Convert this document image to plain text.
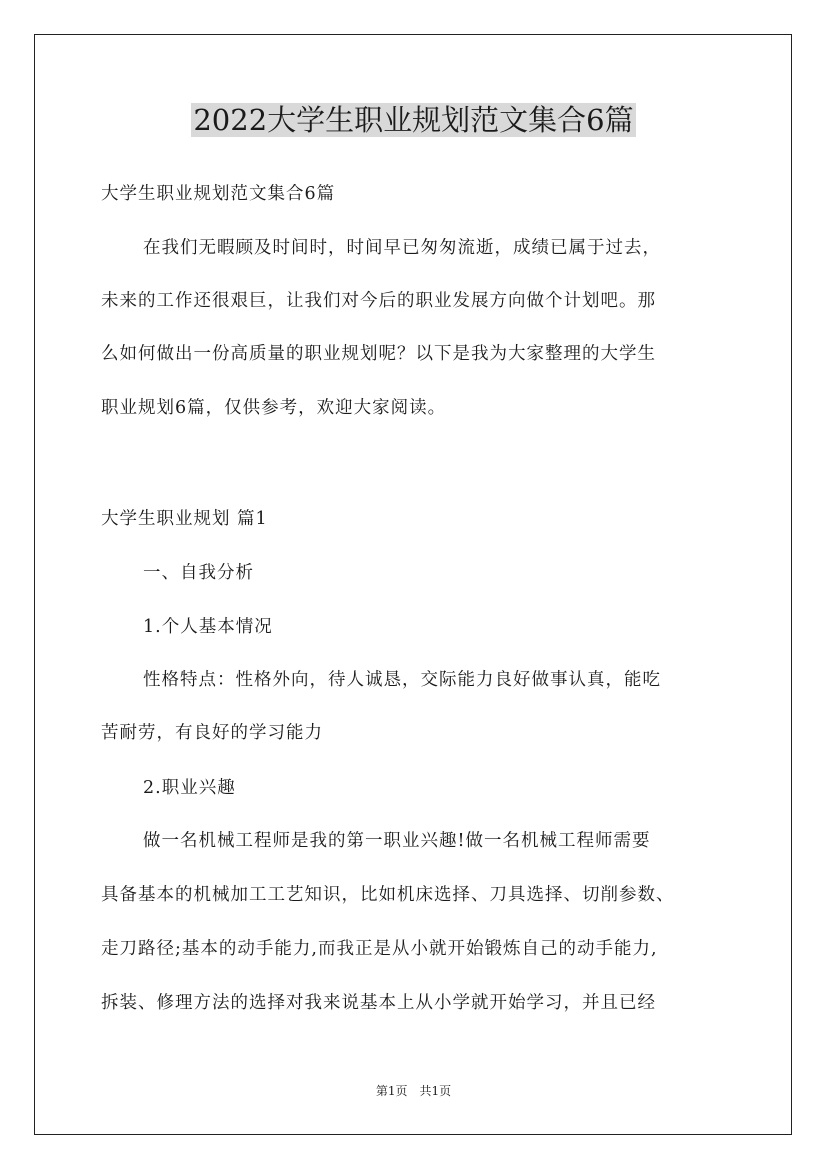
2022大学生职业规划范文集合6篇
大学生职业规划范文集合6篇
在我们无暇顾及时间时，时间早已匆匆流逝，成绩已属于过去，
未来的工作还很艰巨，让我们对今后的职业发展方向做个计划吧。那
么如何做出一份高质量的职业规划呢？以下是我为大家整理的大学生
职业规划6篇，仅供参考，欢迎大家阅读。
大学生职业规划 篇1
一、自我分析
1.个人基本情况
性格特点：性格外向，待人诚恳，交际能力良好做事认真，能吃
苦耐劳，有良好的学习能力
2.职业兴趣
做一名机械工程师是我的第一职业兴趣!做一名机械工程师需要
具备基本的机械加工工艺知识，比如机床选择、刀具选择、切削参数、
走刀路径;基本的动手能力,而我正是从小就开始锻炼自己的动手能力,
拆装、修理方法的选择对我来说基本上从小学就开始学习，并且已经
第1页　共1页
